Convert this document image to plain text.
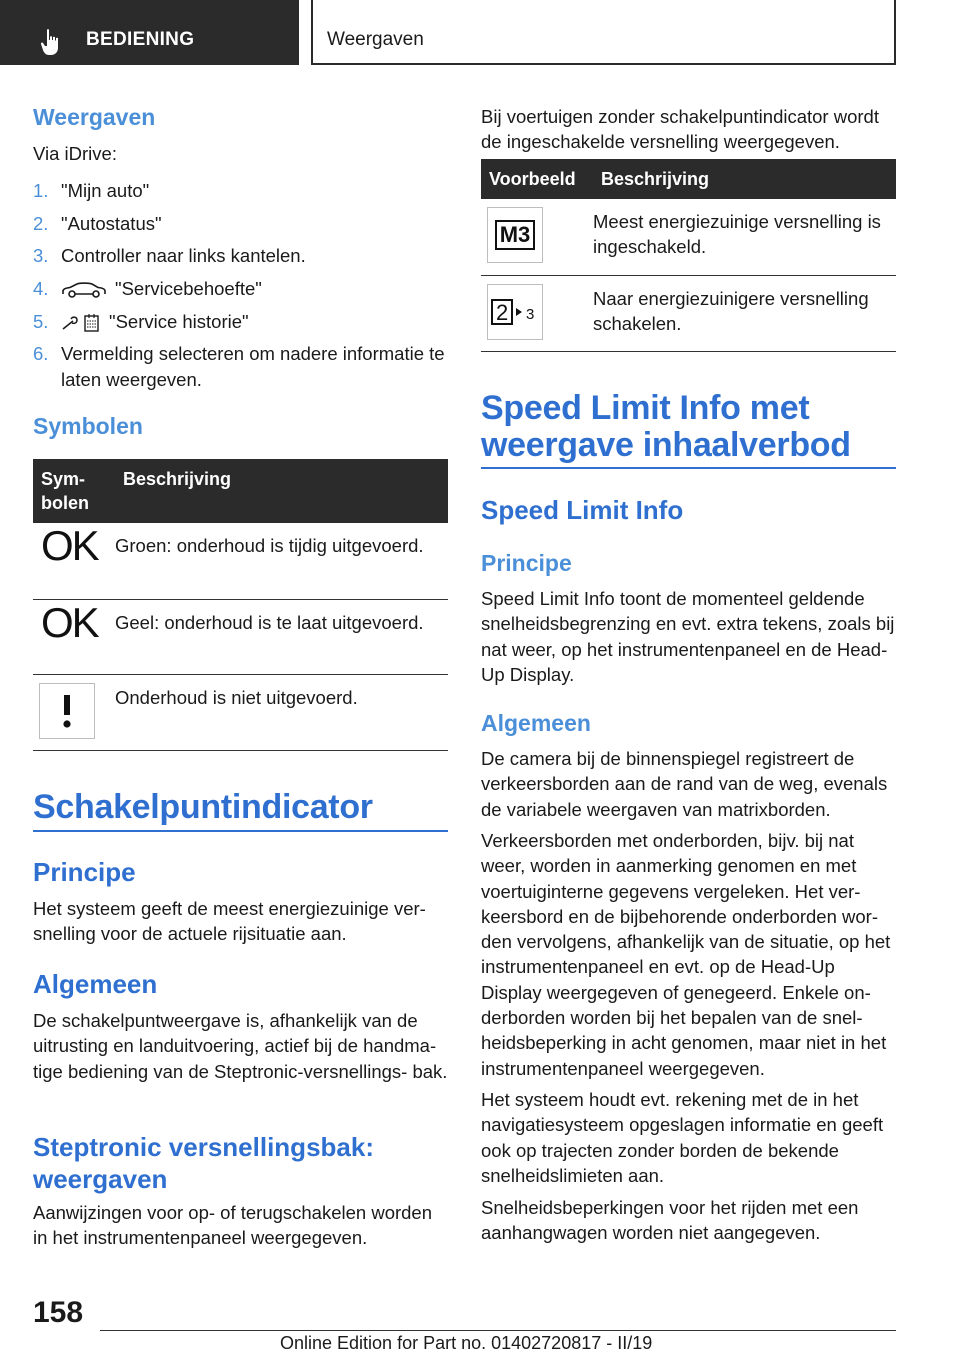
BEDIENING	Weergaven
Weergaven
Via iDrive:
1. "Mijn auto"
2. "Autostatus"
3. Controller naar links kantelen.
4.	"Servicebehoefte"
5.	"Service historie"
6. Vermelding selecteren om nadere informatie te laten weergeven.
Symbolen
Sym‐ bolen	Beschrijving
OK	Groen: onderhoud is tijdig uitgevoerd.
OK	Geel: onderhoud is te laat uitgevoerd.

	Onderhoud is niet uitgevoerd.
Schakelpuntindicator
Principe
Het systeem geeft de meest energiezuinige ver‐ snelling voor de actuele rijsituatie aan.
Algemeen
De schakelpuntweergave is, afhankelijk van de uitrusting en landuitvoering, actief bij de handma‐ tige bediening van de Steptronic-versnellings‐ bak.
Steptronic versnellingsbak: weergaven
Aanwijzingen voor op- of terugschakelen worden in het instrumentenpaneel weergegeven.
Bij voertuigen zonder schakelpuntindicator wordt de ingeschakelde versnelling weergegeven.
Voorbeeld	Beschrijving

M3	Meest energiezuinige versnelling is ingeschakeld.

2 3	Naar energiezuinigere versnelling schakelen.
Speed Limit Info met weergave inhaalverbod
Speed Limit Info
Principe
Speed Limit Info toont de momenteel geldende snelheidsbegrenzing en evt. extra tekens, zoals bij nat weer, op het instrumentenpaneel en de Head-Up Display.
Algemeen
De camera bij de binnenspiegel registreert de verkeersborden aan de rand van de weg, evenals de variabele weergaven van matrixborden.
Verkeersborden met onderborden, bijv. bij nat weer, worden in aanmerking genomen en met voertuiginterne gegevens vergeleken. Het ver‐ keersbord en de bijbehorende onderborden wor‐ den vervolgens, afhankelijk van de situatie, op het instrumentenpaneel en evt. op de Head-Up Display weergegeven of genegeerd. Enkele on‐ derborden worden bij het bepalen van de snel‐ heidsbeperking in acht genomen, maar niet in het instrumentenpaneel weergegeven.
Het systeem houdt evt. rekening met de in het navigatiesysteem opgeslagen informatie en geeft ook op trajecten zonder borden de bekende snelheidslimieten aan.
Snelheidsbeperkingen voor het rijden met een aanhangwagen worden niet aangegeven.
158
Online Edition for Part no. 01402720817 - II/19
